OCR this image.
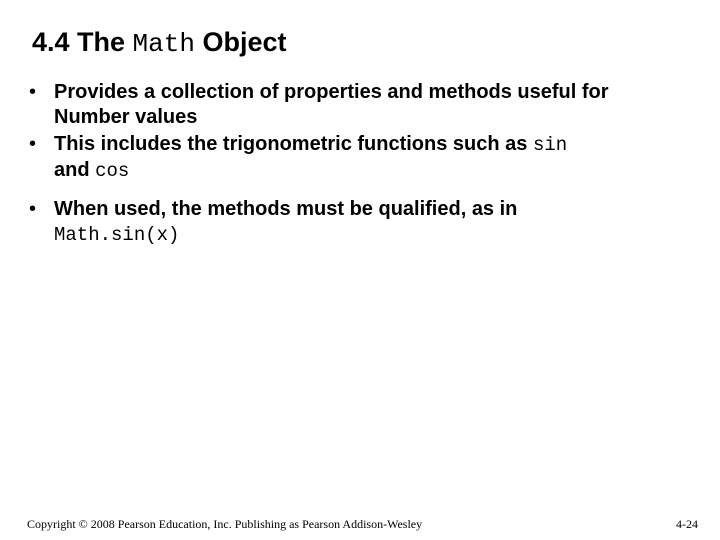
4.4 The Math Object
• Provides a collection of properties and methods useful for Number values
• This includes the trigonometric functions such as sin
and cos
• When used, the methods must be qualified, as in
Math.sin(x)
Copyright © 2008 Pearson Education, Inc. Publishing as Pearson Addison-Wesley	4-24
